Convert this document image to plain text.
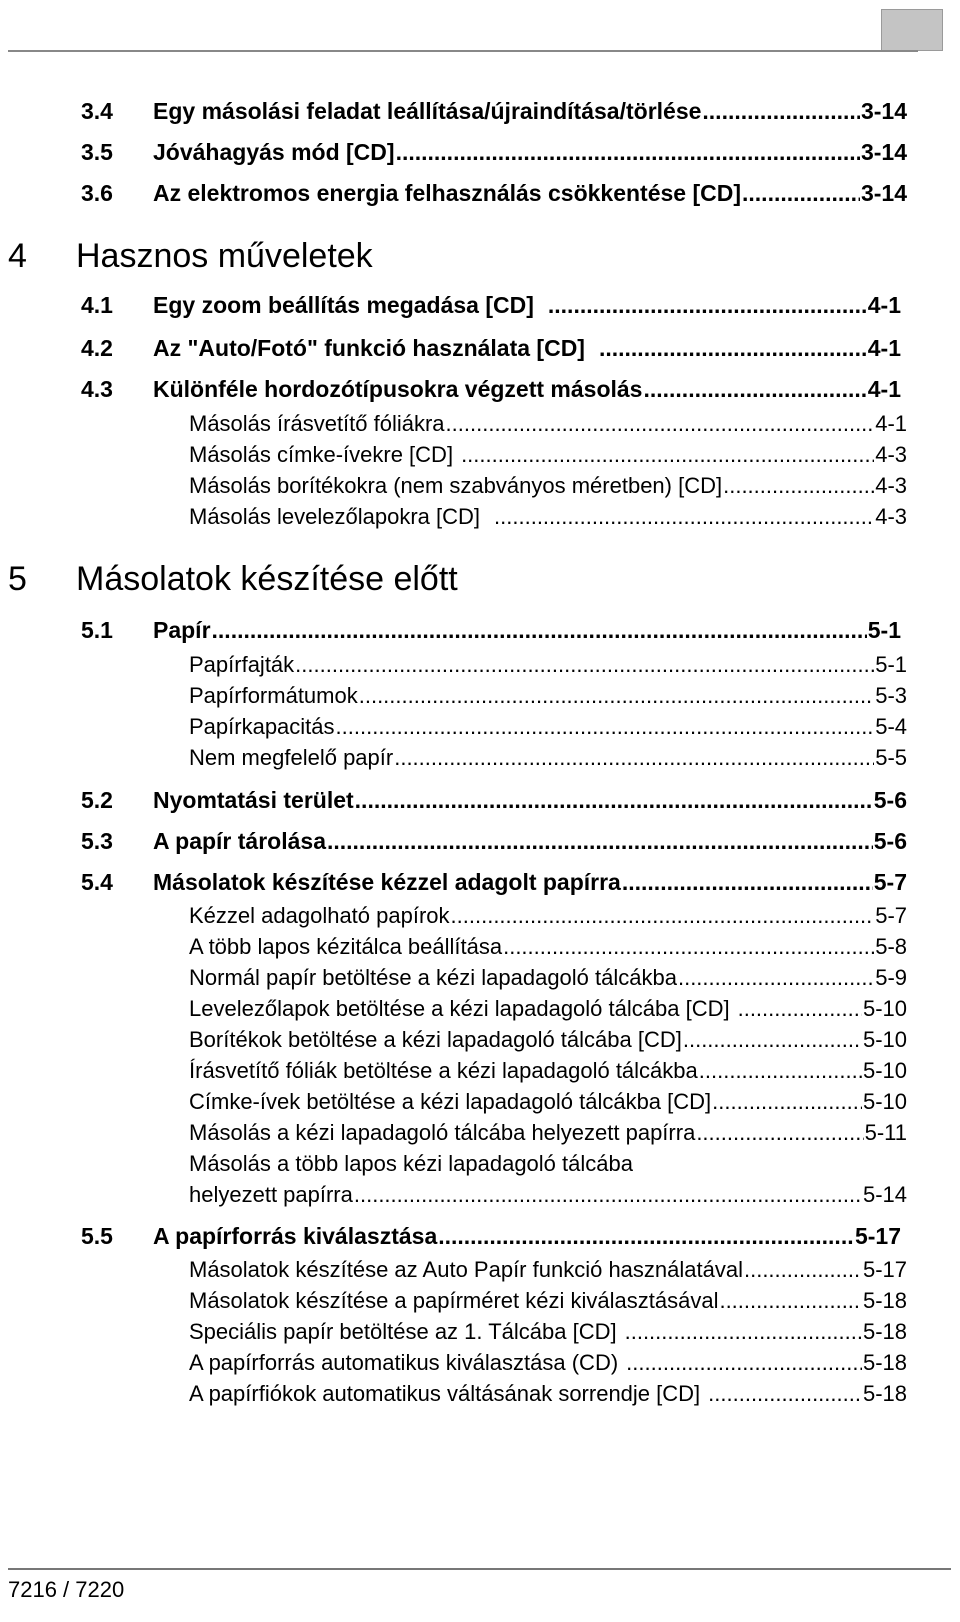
3.4	Egy másolási feladat leállítása/újraindítása/törlése .....	3-14
3.5	Jóváhagyás mód [CD] .....	3-14
3.6	Az elektromos energia felhasználás csökkentése [CD] .....	3-14
4	Hasznos műveletek
4.1	Egy zoom beállítás megadása [CD] .....	4-1
4.2	Az "Auto/Fotó" funkció használata [CD] .....	4-1
4.3	Különféle hordozótípusokra végzett másolás .....	4-1
Másolás írásvetítő fóliákra .....	4-1
Másolás címke-ívekre [CD] .....	4-3
Másolás borítékokra (nem szabványos méretben) [CD] .....	4-3
Másolás levelezőlapokra [CD] .....	4-3
5	Másolatok készítése előtt
5.1	Papír .....	5-1
Papírfajták .....	5-1
Papírformátumok .....	5-3
Papírkapacitás .....	5-4
Nem megfelelő papír .....	5-5
5.2	Nyomtatási terület .....	5-6
5.3	A papír tárolása .....	5-6
5.4	Másolatok készítése kézzel adagolt papírra .....	5-7
Kézzel adagolható papírok .....	5-7
A több lapos kézitálca beállítása .....	5-8
Normál papír betöltése a kézi lapadagoló tálcákba .....	5-9
Levelezőlapok betöltése a kézi lapadagoló tálcába [CD] .....	5-10
Borítékok betöltése a kézi lapadagoló tálcába [CD] .....	5-10
Írásvetítő fóliák betöltése a kézi lapadagoló tálcákba .....	5-10
Címke-ívek betöltése a kézi lapadagoló tálcákba [CD] .....	5-10
Másolás a kézi lapadagoló tálcába helyezett papírra .....	5-11
Másolás a több lapos kézi lapadagoló tálcába
helyezett papírra .....	5-14
5.5	A papírforrás kiválasztása .....	5-17
Másolatok készítése az Auto Papír funkció használatával .....	5-17
Másolatok készítése a papírméret kézi kiválasztásával .....	5-18
Speciális papír betöltése az 1. Tálcába [CD] .....	5-18
A papírforrás automatikus kiválasztása (CD) .....	5-18
A papírfiókok automatikus váltásának sorrendje [CD] .....	5-18
7216 / 7220
